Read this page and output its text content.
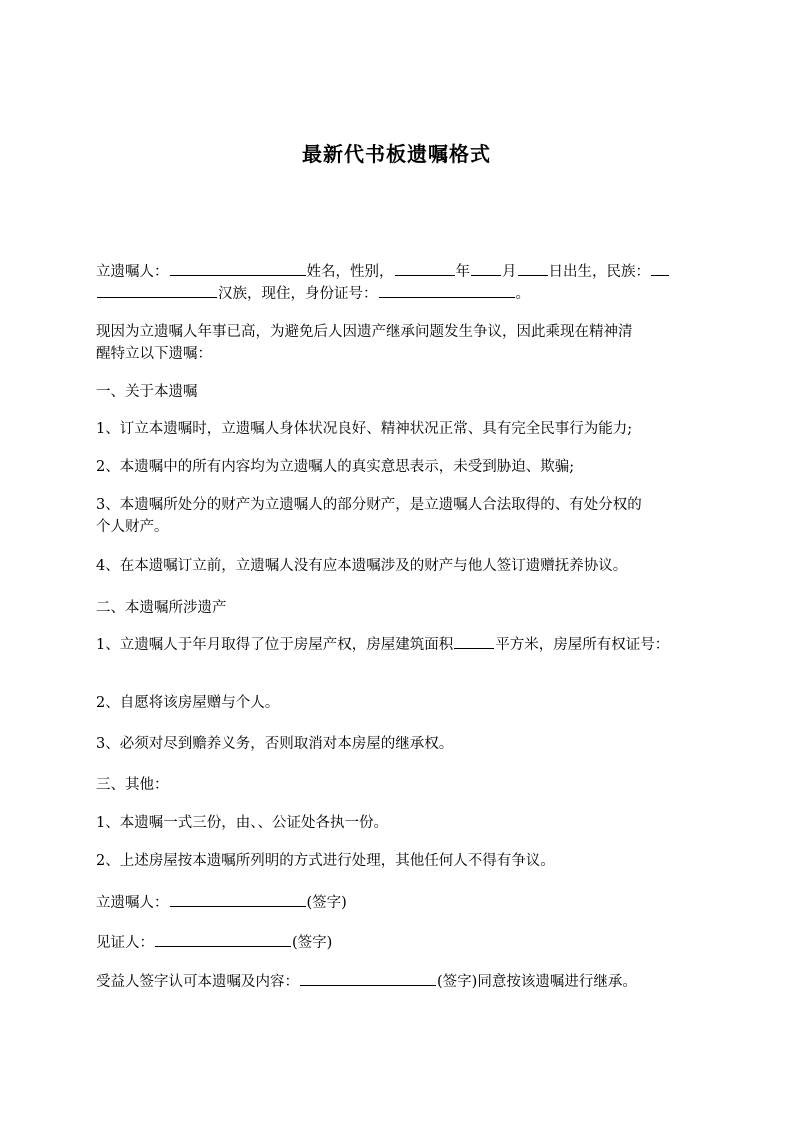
最新代书板遗嘱格式
立遗嘱人：	姓名，性别，	年 月 日出生，民族：
汉族，现住，身份证号：	。
现因为立遗嘱人年事已高，为避免后人因遗产继承问题发生争议，因此乘现在精神清
醒特立以下遗嘱：
一、关于本遗嘱
1、订立本遗嘱时，立遗嘱人身体状况良好、精神状况正常、具有完全民事行为能力;
2、本遗嘱中的所有内容均为立遗嘱人的真实意思表示，未受到胁迫、欺骗;
3、本遗嘱所处分的财产为立遗嘱人的部分财产，是立遗嘱人合法取得的、有处分权的
个人财产。
4、在本遗嘱订立前，立遗嘱人没有应本遗嘱涉及的财产与他人签订遗赠抚养协议。
二、本遗嘱所涉遗产
1、立遗嘱人于年月取得了位于房屋产权，房屋建筑面积	平方米，房屋所有权证号：
2、自愿将该房屋赠与个人。
3、必须对尽到赡养义务，否则取消对本房屋的继承权。
三、其他：
1、本遗嘱一式三份，由、、公证处各执一份。
2、上述房屋按本遗嘱所列明的方式进行处理，其他任何人不得有争议。
立遗嘱人：	(签字)
见证人：	(签字)
受益人签字认可本遗嘱及内容：	(签字)同意按该遗嘱进行继承。
